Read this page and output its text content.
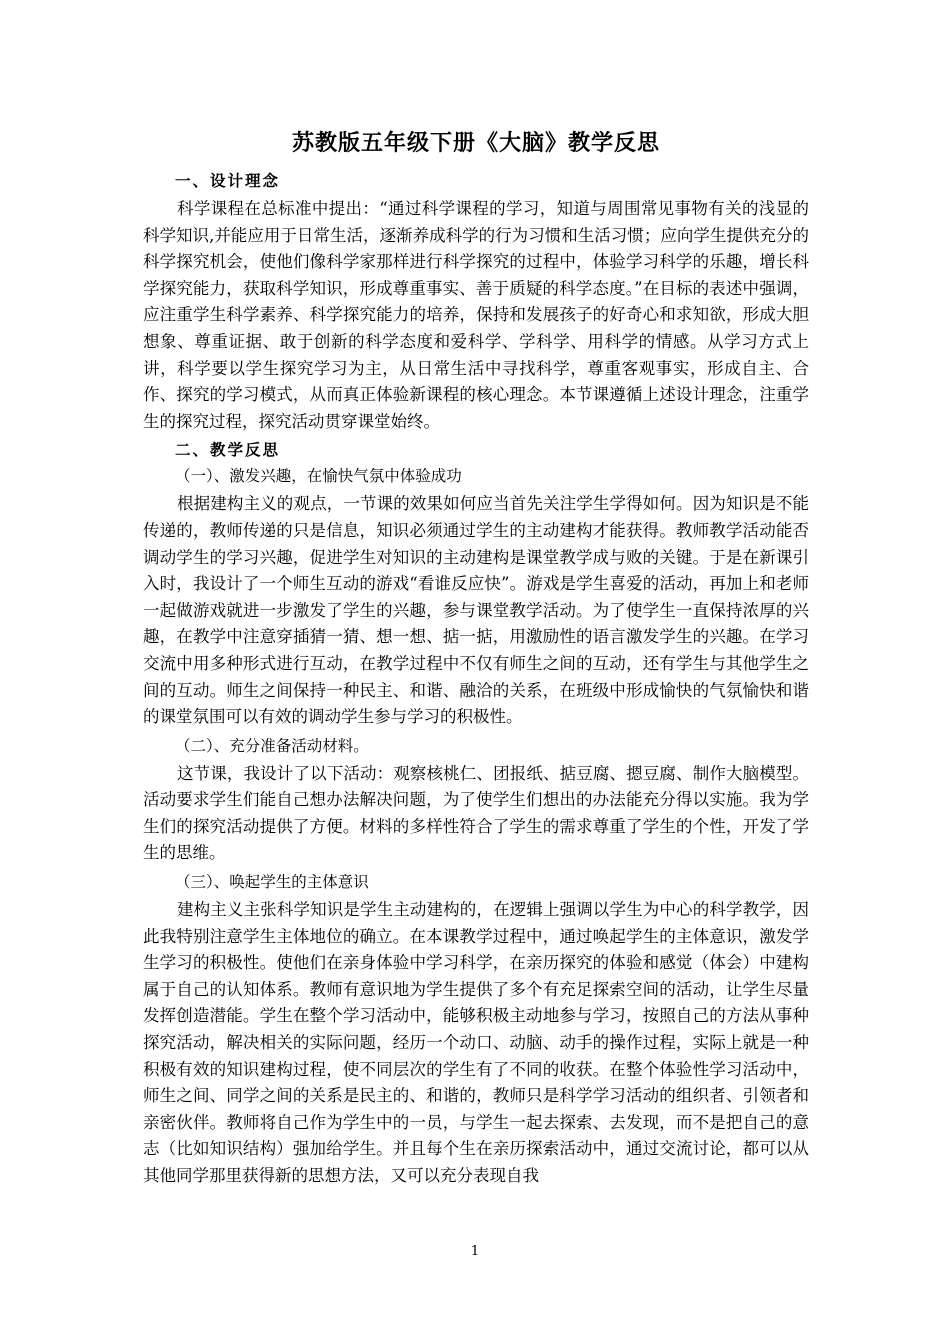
苏教版五年级下册《大脑》教学反思
一、设计理念

科学课程在总标准中提出：“通过科学课程的学习，知道与周围常见事物有关的浅显的科学知识,并能应用于日常生活，逐渐养成科学的行为习惯和生活习惯；应向学生提供充分的科学探究机会，使他们像科学家那样进行科学探究的过程中，体验学习科学的乐趣，增长科学探究能力，获取科学知识，形成尊重事实、善于质疑的科学态度。”在目标的表述中强调，应注重学生科学素养、科学探究能力的培养，保持和发展孩子的好奇心和求知欲，形成大胆想象、尊重证据、敢于创新的科学态度和爱科学、学科学、用科学的情感。从学习方式上讲，科学要以学生探究学习为主，从日常生活中寻找科学，尊重客观事实，形成自主、合作、探究的学习模式，从而真正体验新课程的核心理念。本节课遵循上述设计理念，注重学生的探究过程，探究活动贯穿课堂始终。

二、教学反思
（一）、激发兴趣，在愉快气氛中体验成功

根据建构主义的观点，一节课的效果如何应当首先关注学生学得如何。因为知识是不能传递的，教师传递的只是信息，知识必须通过学生的主动建构才能获得。教师教学活动能否调动学生的学习兴趣，促进学生对知识的主动建构是课堂教学成与败的关键。于是在新课引入时，我设计了一个师生互动的游戏“看谁反应快”。游戏是学生喜爱的活动，再加上和老师一起做游戏就进一步激发了学生的兴趣，参与课堂教学活动。为了使学生一直保持浓厚的兴趣，在教学中注意穿插猜一猜、想一想、掂一掂，用激励性的语言激发学生的兴趣。在学习交流中用多种形式进行互动，在教学过程中不仅有师生之间的互动，还有学生与其他学生之间的互动。师生之间保持一种民主、和谐、融洽的关系，在班级中形成愉快的气氛愉快和谐的课堂氛围可以有效的调动学生参与学习的积极性。

（二）、充分准备活动材料。

这节课，我设计了以下活动：观察核桃仁、团报纸、掂豆腐、摁豆腐、制作大脑模型。活动要求学生们能自己想办法解决问题，为了使学生们想出的办法能充分得以实施。我为学生们的探究活动提供了方便。材料的多样性符合了学生的需求尊重了学生的个性，开发了学生的思维。

（三）、唤起学生的主体意识

建构主义主张科学知识是学生主动建构的，在逻辑上强调以学生为中心的科学教学，因此我特别注意学生主体地位的确立。在本课教学过程中，通过唤起学生的主体意识，激发学生学习的积极性。使他们在亲身体验中学习科学，在亲历探究的体验和感觉（体会）中建构属于自己的认知体系。教师有意识地为学生提供了多个有充足探索空间的活动，让学生尽量发挥创造潜能。学生在整个学习活动中，能够积极主动地参与学习，按照自己的方法从事种探究活动，解决相关的实际问题，经历一个动口、动脑、动手的操作过程，实际上就是一种积极有效的知识建构过程，使不同层次的学生有了不同的收获。在整个体验性学习活动中，师生之间、同学之间的关系是民主的、和谐的，教师只是科学学习活动的组织者、引领者和亲密伙伴。教师将自己作为学生中的一员，与学生一起去探索、去发现，而不是把自己的意志（比如知识结构）强加给学生。并且每个生在亲历探索活动中，通过交流讨论，都可以从其他同学那里获得新的思想方法，又可以充分表现自我

1
